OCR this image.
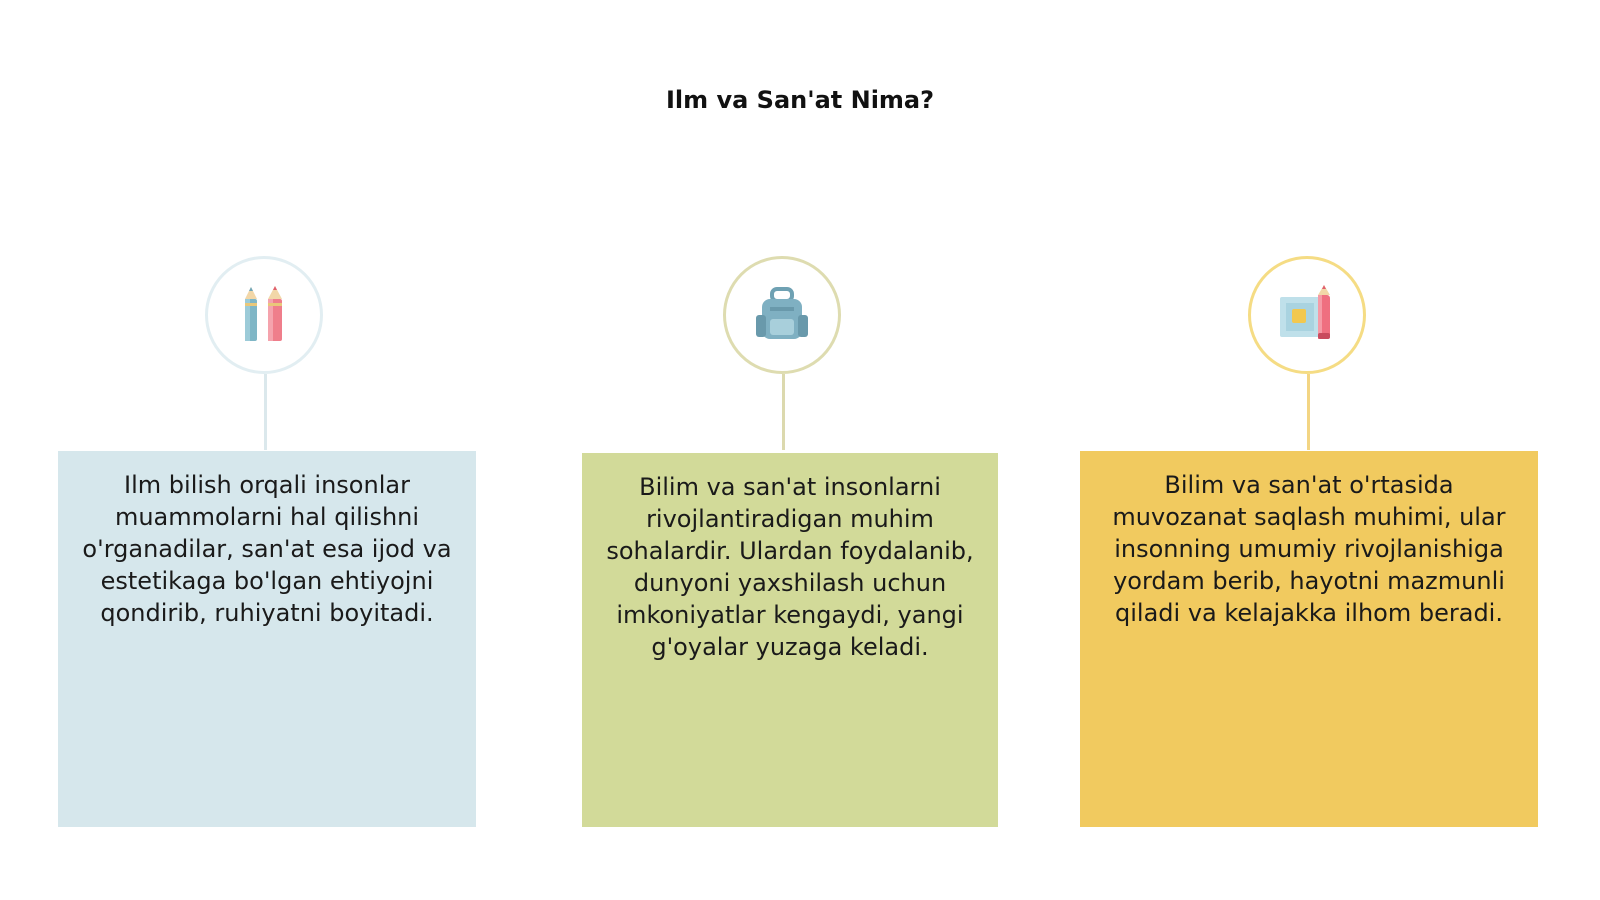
Ilm va San'at Nima?
Ilm bilish orqali insonlar muammolarni hal qilishni o'rganadilar, san'at esa ijod va estetikaga bo'lgan ehtiyojni qondirib, ruhiyatni boyitadi.
Bilim va san'at insonlarni rivojlantiradigan muhim sohalardir. Ulardan foydalanib, dunyoni yaxshilash uchun imkoniyatlar kengaydi, yangi g'oyalar yuzaga keladi.
Bilim va san'at o'rtasida muvozanat saqlash muhimi, ular insonning umumiy rivojlanishiga yordam berib, hayotni mazmunli qiladi va kelajakka ilhom beradi.
